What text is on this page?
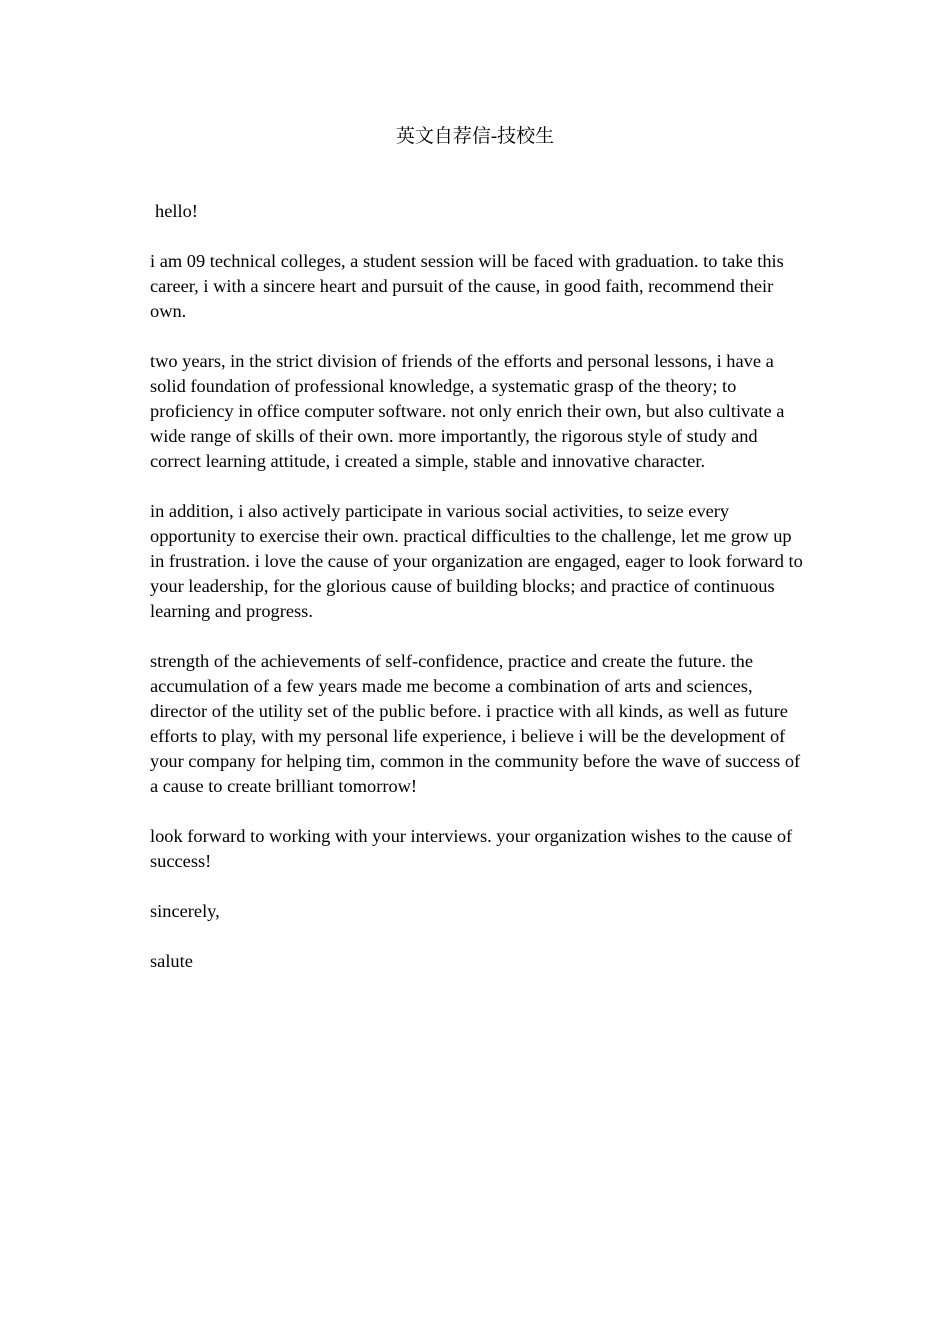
英文自荐信-技校生

hello!

i am 09 technical colleges, a student session will be faced with graduation. to take this career, i with a sincere heart and pursuit of the cause, in good faith, recommend their own.

two years, in the strict division of friends of the efforts and personal lessons, i have a solid foundation of professional knowledge, a systematic grasp of the theory; to proficiency in office computer software. not only enrich their own, but also cultivate a wide range of skills of their own. more importantly, the rigorous style of study and correct learning attitude, i created a simple, stable and innovative character.

in addition, i also actively participate in various social activities, to seize every opportunity to exercise their own. practical difficulties to the challenge, let me grow up in frustration. i love the cause of your organization are engaged, eager to look forward to your leadership, for the glorious cause of building blocks; and practice of continuous learning and progress.

strength of the achievements of self-confidence, practice and create the future. the accumulation of a few years made me become a combination of arts and sciences, director of the utility set of the public before. i practice with all kinds, as well as future efforts to play, with my personal life experience, i believe i will be the development of your company for helping tim, common in the community before the wave of success of a cause to create brilliant tomorrow!

look forward to working with your interviews. your organization wishes to the cause of success!

sincerely,

salute
